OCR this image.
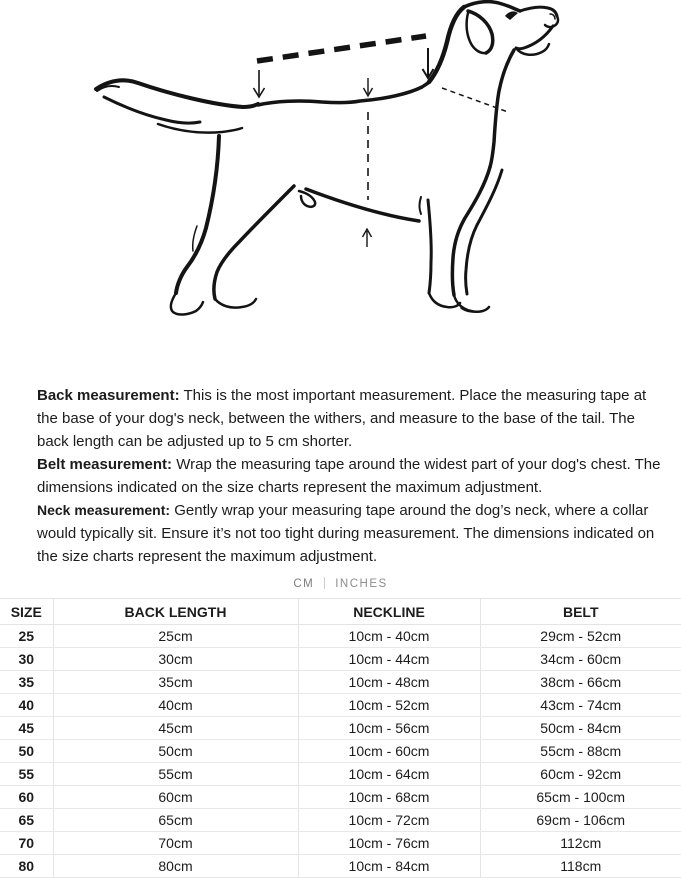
Back measurement: This is the most important measurement. Place the measuring tape at the base of your dog's neck, between the withers, and measure to the base of the tail. The back length can be adjusted up to 5 cm shorter.

Belt measurement: Wrap the measuring tape around the widest part of your dog's chest. The dimensions indicated on the size charts represent the maximum adjustment.

Neck measurement: Gently wrap your measuring tape around the dog’s neck, where a collar would typically sit. Ensure it’s not too tight during measurement. The dimensions indicated on the size charts represent the maximum adjustment.

CM INCHES
SIZE	BACK LENGTH	NECKLINE	BELT
25	25cm	10cm - 40cm	29cm - 52cm
30	30cm	10cm - 44cm	34cm - 60cm
35	35cm	10cm - 48cm	38cm - 66cm
40	40cm	10cm - 52cm	43cm - 74cm
45	45cm	10cm - 56cm	50cm - 84cm
50	50cm	10cm - 60cm	55cm - 88cm
55	55cm	10cm - 64cm	60cm - 92cm
60	60cm	10cm - 68cm	65cm - 100cm
65	65cm	10cm - 72cm	69cm - 106cm
70	70cm	10cm - 76cm	112cm
80	80cm	10cm - 84cm	118cm
